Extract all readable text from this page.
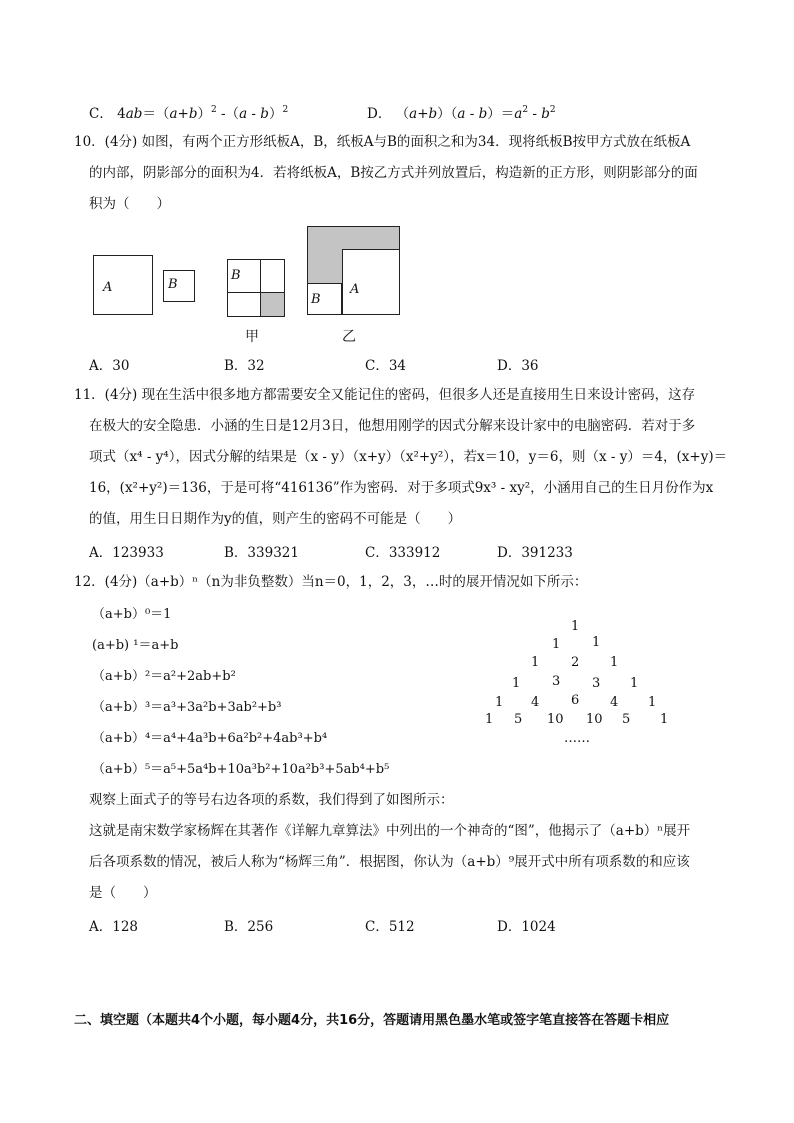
C． $4ab=(a+b)^2$ -（a - b）$^2$	D． $(a+b)(a - b)=a^2 - b^2$
10．(4分) 如图，有两个正方形纸板A，B，纸板A与B的面积之和为34．现将纸板B按甲方式放在纸板A
的内部，阴影部分的面积为4．若将纸板A，B按乙方式并列放置后，构造新的正方形，则阴影部分的面
积为（　　）
A	B
B
甲
A
B
乙
A．30	B．32	C．34	D．36
11．(4分) 现在生活中很多地方都需要安全又能记住的密码，但很多人还是直接用生日来设计密码，这存
在极大的安全隐患．小涵的生日是12月3日，他想用刚学的因式分解来设计家中的电脑密码．若对于多
项式（x⁴ - y⁴），因式分解的结果是（x - y）（x+y）（x²+y²），若x＝10，y＝6，则（x - y）＝4，(x+y)＝
16，(x²+y²)＝136，于是可将“416136”作为密码．对于多项式9x³ - xy²，小涵用自己的生日月份作为x
的值，用生日日期作为y的值，则产生的密码不可能是（　　）
A．123933	B．339321	C．333912	D．391233
12．(4分)（a+b）ⁿ（n为非负整数）当n＝0，1，2，3，…时的展开情况如下所示：
（a+b）⁰＝1
(a+b) ¹＝a+b
（a+b）²＝a²+2ab+b²
（a+b）³＝a³+3a²b+3ab²+b³
（a+b）⁴＝a⁴+4a³b+6a²b²+4ab³+b⁴
（a+b）⁵＝a⁵+5a⁴b+10a³b²+10a²b³+5ab⁴+b⁵
1
1 1
1 2 1
1 3 3 1
1 4 6 4 1
1 5 10 10 5 1
……
观察上面式子的等号右边各项的系数，我们得到了如图所示：
这就是南宋数学家杨辉在其著作《详解九章算法》中列出的一个神奇的“图”，他揭示了（a+b）ⁿ展开
后各项系数的情况，被后人称为“杨辉三角”．根据图，你认为（a+b）⁹展开式中所有项系数的和应该
是（　　）
A．128	B．256	C．512	D．1024
二、填空题（本题共4个小题，每小题4分，共16分，答题请用黑色墨水笔或签字笔直接答在答题卡相应
